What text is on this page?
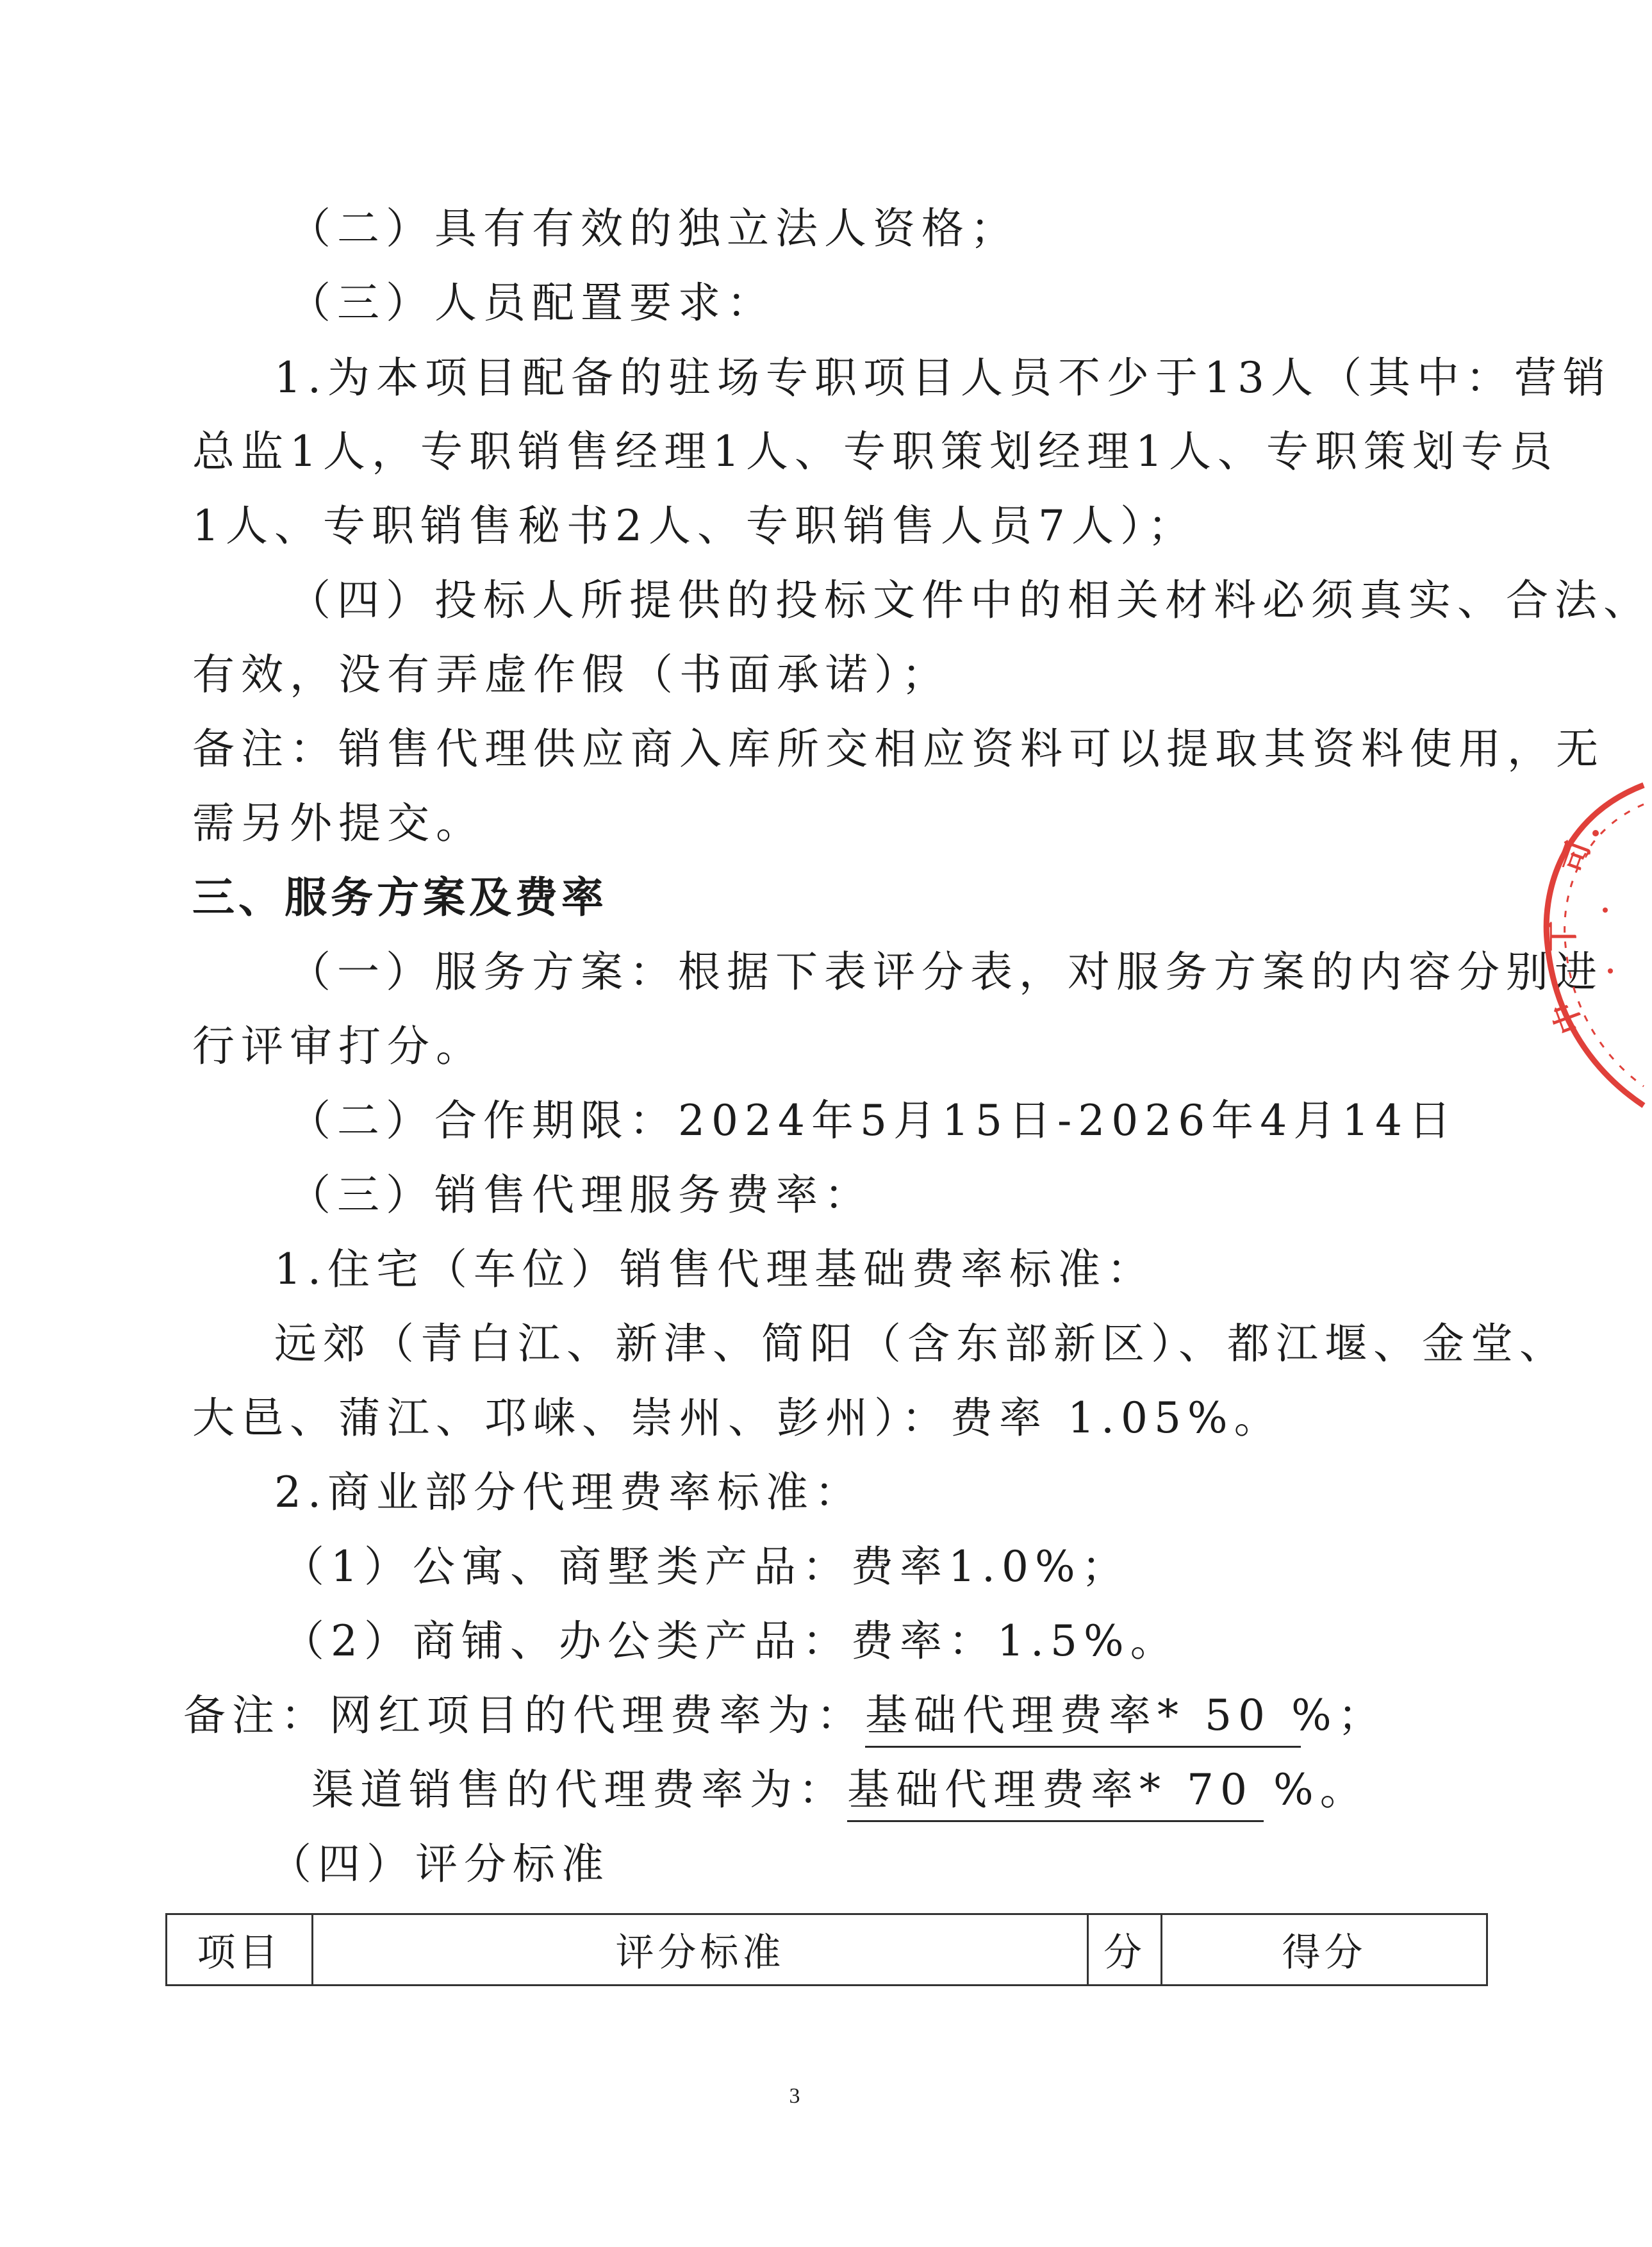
（二）具有有效的独立法人资格；
（三）人员配置要求：
1.为本项目配备的驻场专职项目人员不少于13人（其中：营销
总监1人，专职销售经理1人、专职策划经理1人、专职策划专员
1人、专职销售秘书2人、专职销售人员7人）；
（四）投标人所提供的投标文件中的相关材料必须真实、合法、
有效，没有弄虚作假（书面承诺）；
备注：销售代理供应商入库所交相应资料可以提取其资料使用，无
需另外提交。
三、服务方案及费率
（一）服务方案：根据下表评分表，对服务方案的内容分别进
行评审打分。
（二）合作期限：2024年5月15日-2026年4月14日
（三）销售代理服务费率：
1.住宅（车位）销售代理基础费率标准：
远郊（青白江、新津、简阳（含东部新区）、都江堰、金堂、
大邑、蒲江、邛崃、崇州、彭州）：费率 1.05%。
2.商业部分代理费率标准：
（1）公寓、商墅类产品：费率1.0%；
（2）商铺、办公类产品：费率：1.5%。
备注：网红项目的代理费率为：基础代理费率* 50 %；
渠道销售的代理费率为：基础代理费率* 70 %。
（四）评分标准
项目	评分标准	分	得分
3
司
丅
中
